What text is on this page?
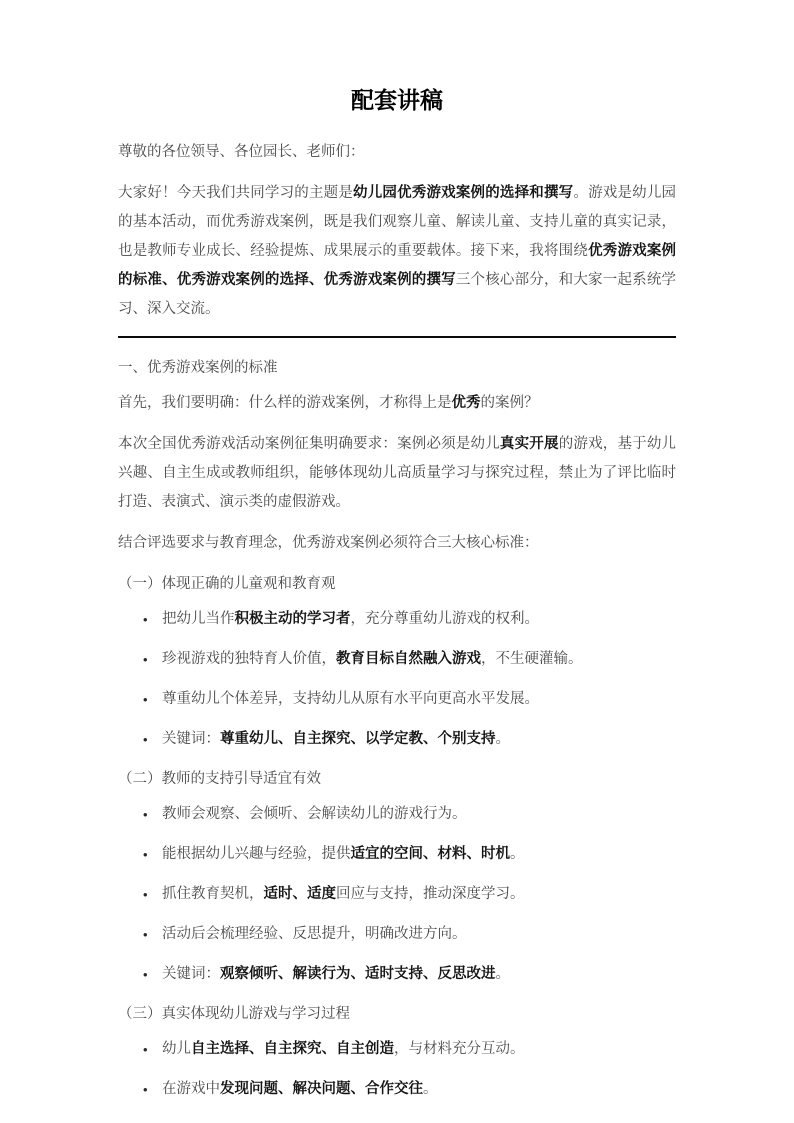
配套讲稿

尊敬的各位领导、各位园长、老师们：

大家好！今天我们共同学习的主题是幼儿园优秀游戏案例的选择和撰写。游戏是幼儿园的基本活动，而优秀游戏案例，既是我们观察儿童、解读儿童、支持儿童的真实记录，也是教师专业成长、经验提炼、成果展示的重要载体。接下来，我将围绕优秀游戏案例的标准、优秀游戏案例的选择、优秀游戏案例的撰写三个核心部分，和大家一起系统学习、深入交流。

一、优秀游戏案例的标准

首先，我们要明确：什么样的游戏案例，才称得上是优秀的案例？

本次全国优秀游戏活动案例征集明确要求：案例必须是幼儿真实开展的游戏，基于幼儿兴趣、自主生成或教师组织，能够体现幼儿高质量学习与探究过程，禁止为了评比临时打造、表演式、演示类的虚假游戏。

结合评选要求与教育理念，优秀游戏案例必须符合三大核心标准：

（一）体现正确的儿童观和教育观
• 把幼儿当作积极主动的学习者，充分尊重幼儿游戏的权利。
• 珍视游戏的独特育人价值，教育目标自然融入游戏，不生硬灌输。
• 尊重幼儿个体差异，支持幼儿从原有水平向更高水平发展。
• 关键词：尊重幼儿、自主探究、以学定教、个别支持。
（二）教师的支持引导适宜有效
• 教师会观察、会倾听、会解读幼儿的游戏行为。
• 能根据幼儿兴趣与经验，提供适宜的空间、材料、时机。
• 抓住教育契机，适时、适度回应与支持，推动深度学习。
• 活动后会梳理经验、反思提升，明确改进方向。
• 关键词：观察倾听、解读行为、适时支持、反思改进。
（三）真实体现幼儿游戏与学习过程
• 幼儿自主选择、自主探究、自主创造，与材料充分互动。
• 在游戏中发现问题、解决问题、合作交往。
